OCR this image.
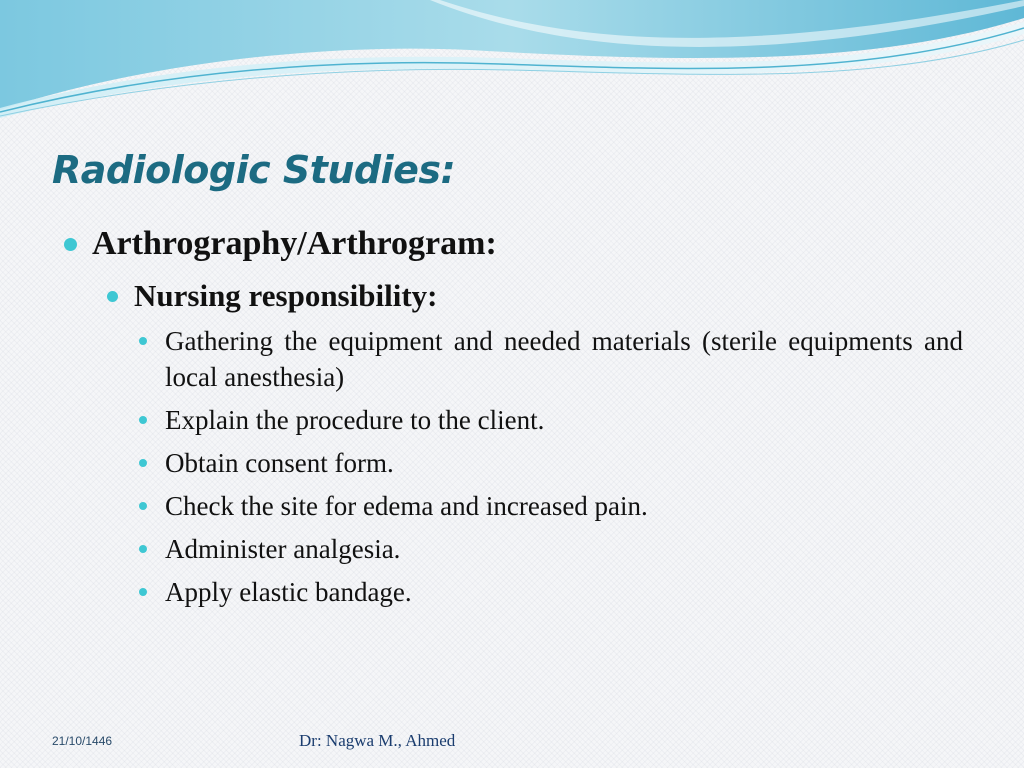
Radiologic Studies:
Arthrography/Arthrogram:
Nursing responsibility:
Gathering the equipment and needed materials (sterile equipments and local anesthesia)
Explain the procedure to the client.
Obtain consent form.
Check the site for edema and increased pain.
Administer analgesia.
Apply elastic bandage.
21/10/1446	Dr: Nagwa M., Ahmed
